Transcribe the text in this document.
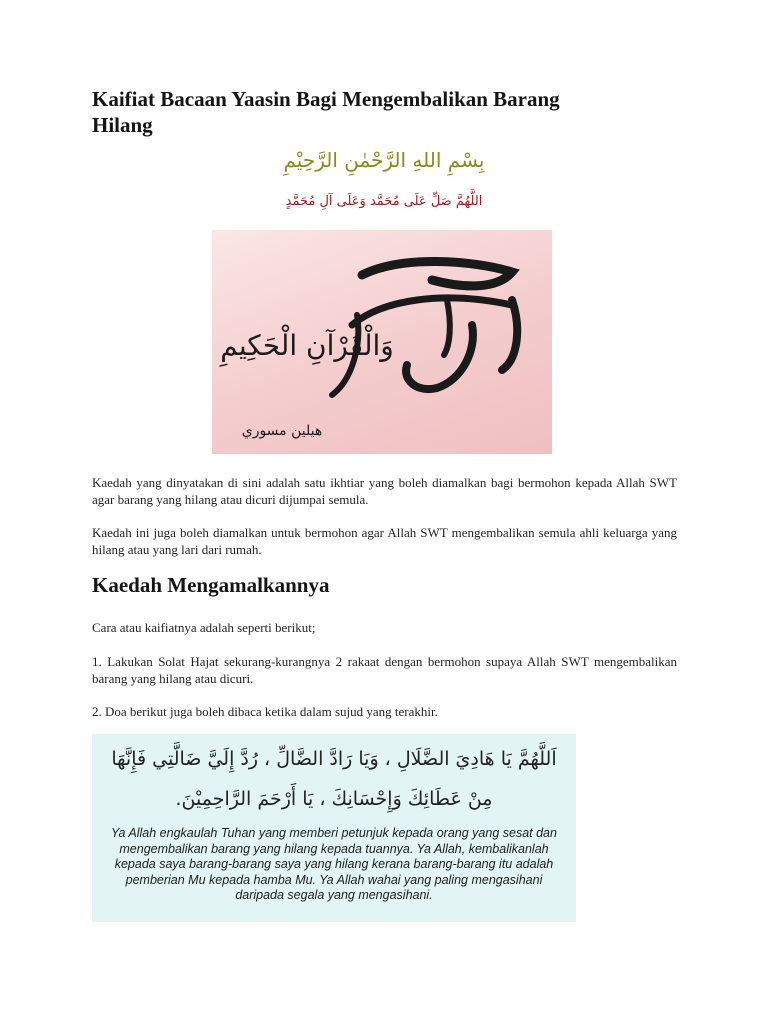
Kaifiat Bacaan Yaasin Bagi Mengembalikan Barang Hilang
بِسْمِ اللهِ الرَّحْمٰنِ الرَّحِيْمِ
اللَّهُمَّ صَلِّ عَلَى مُحَمَّد وَعَلَى آلِ مُحَمَّدٍ
وَالْقُرْآنِ الْحَكِيمِ
هيلين مسوري
Kaedah yang dinyatakan di sini adalah satu ikhtiar yang boleh diamalkan bagi bermohon kepada Allah SWT agar barang yang hilang atau dicuri dijumpai semula.
Kaedah ini juga boleh diamalkan untuk bermohon agar Allah SWT mengembalikan semula ahli keluarga yang hilang atau yang lari dari rumah.
Kaedah Mengamalkannya
Cara atau kaifiatnya adalah seperti berikut;
1. Lakukan Solat Hajat sekurang-kurangnya 2 rakaat dengan bermohon supaya Allah SWT mengembalikan barang yang hilang atau dicuri.
2. Doa berikut juga boleh dibaca ketika dalam sujud yang terakhir.
اَللَّهُمَّ يَا هَادِيَ الضَّلَالِ ، وَيَا رَادَّ الضَّالِّ ، رُدَّ إِلَيَّ ضَالَّتِي فَإِنَّهَا
مِنْ عَطَائِكَ وَإِحْسَانِكَ ، يَا أَرْحَمَ الرَّاحِمِيْنَ.
Ya Allah engkaulah Tuhan yang memberi petunjuk kepada orang yang sesat dan mengembalikan barang yang hilang kepada tuannya. Ya Allah, kembalikanlah kepada saya barang-barang saya yang hilang kerana barang-barang itu adalah pemberian Mu kepada hamba Mu. Ya Allah wahai yang paling mengasihani daripada segala yang mengasihani.
